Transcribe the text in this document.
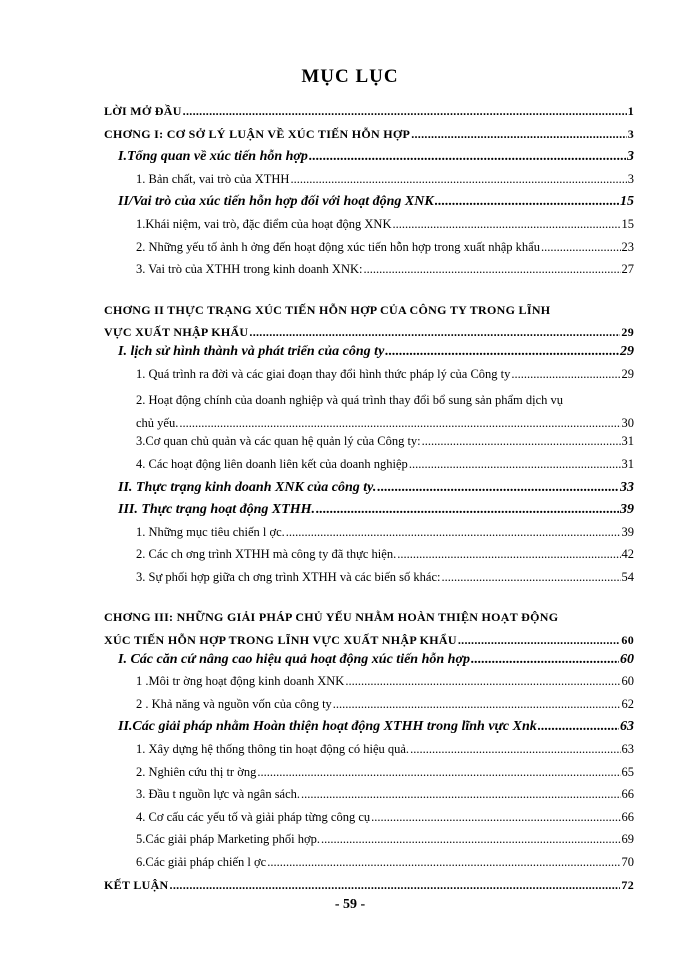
MỤC LỤC
LỜI MỞ ĐẦU .....	1
CHƠNG I: CƠ SỞ LÝ LUẬN VỀ XÚC TIẾN HỖN HỢP .....	3
I.Tổng quan về xúc tiến hỗn hợp .....	3
1. Bản chất, vai trò của XTHH .....	3
II/Vai trò của xúc tiến hỗn hợp đối với hoạt động XNK .....	15
1.Khái niệm, vai trò, đặc điểm của hoạt động XNK .....	15
2. Những yếu tố ảnh h ởng đến hoạt động xúc tiến hỗn hợp trong xuất nhập khẩu .....	23
3. Vai trò của XTHH trong kinh doanh XNK: .....	27
CHƠNG II THỰC TRẠNG XÚC TIẾN HỖN HỢP CỦA CÔNG TY TRONG LĨNH
VỰC XUẤT NHẬP KHẨU .....	29
I. lịch sử hình thành và phát triển của công ty .....	29
1. Quá trình ra đời và các giai đoạn thay đổi hình thức pháp lý của Công ty .....	29
2. Hoạt động chính của doanh nghiệp và quá trình thay đổi bổ sung sản phẩm dịch vụ
chủ yếu. .....	30
3.Cơ quan chủ quản và các quan hệ quản lý của Công ty: .....	31
4. Các hoạt động liên doanh liên kết của doanh nghiệp .....	31
II. Thực trạng kinh doanh XNK của công ty. .....	33
III. Thực trạng hoạt động XTHH. .....	39
1. Những mục tiêu chiến l ợc. .....	39
2. Các ch ơng trình XTHH mà công ty đã thực hiện. .....	42
3. Sự phối hợp giữa ch ơng trình XTHH và các biến số khác: .....	54
CHƠNG III: NHỮNG GIẢI PHÁP CHỦ YẾU NHẰM HOÀN THIỆN HOẠT ĐỘNG
XÚC TIẾN HỖN HỢP TRONG LĨNH VỰC XUẤT NHẬP KHẨU .....	60
I. Các căn cứ nâng cao hiệu quả hoạt động xúc tiến hỗn hợp .....	60
1 .Môi tr ờng hoạt động kinh doanh XNK .....	60
2 . Khả năng và nguồn vốn của công ty .....	62
II.Các giải pháp nhằm Hoàn thiện hoạt động XTHH trong lĩnh vực Xnk .....	63
1. Xây dựng hệ thống thông tin hoạt động có hiệu quả. .....	63
2. Nghiên cứu thị tr ờng .....	65
3. Đầu t nguồn lực và ngân sách. .....	66
4. Cơ cấu các yếu tố và giải pháp từng công cụ .....	66
5.Các giải pháp Marketing phối hợp. .....	69
6.Các giải pháp chiến l ợc .....	70
KẾT LUẬN .....	72
- 59 -
